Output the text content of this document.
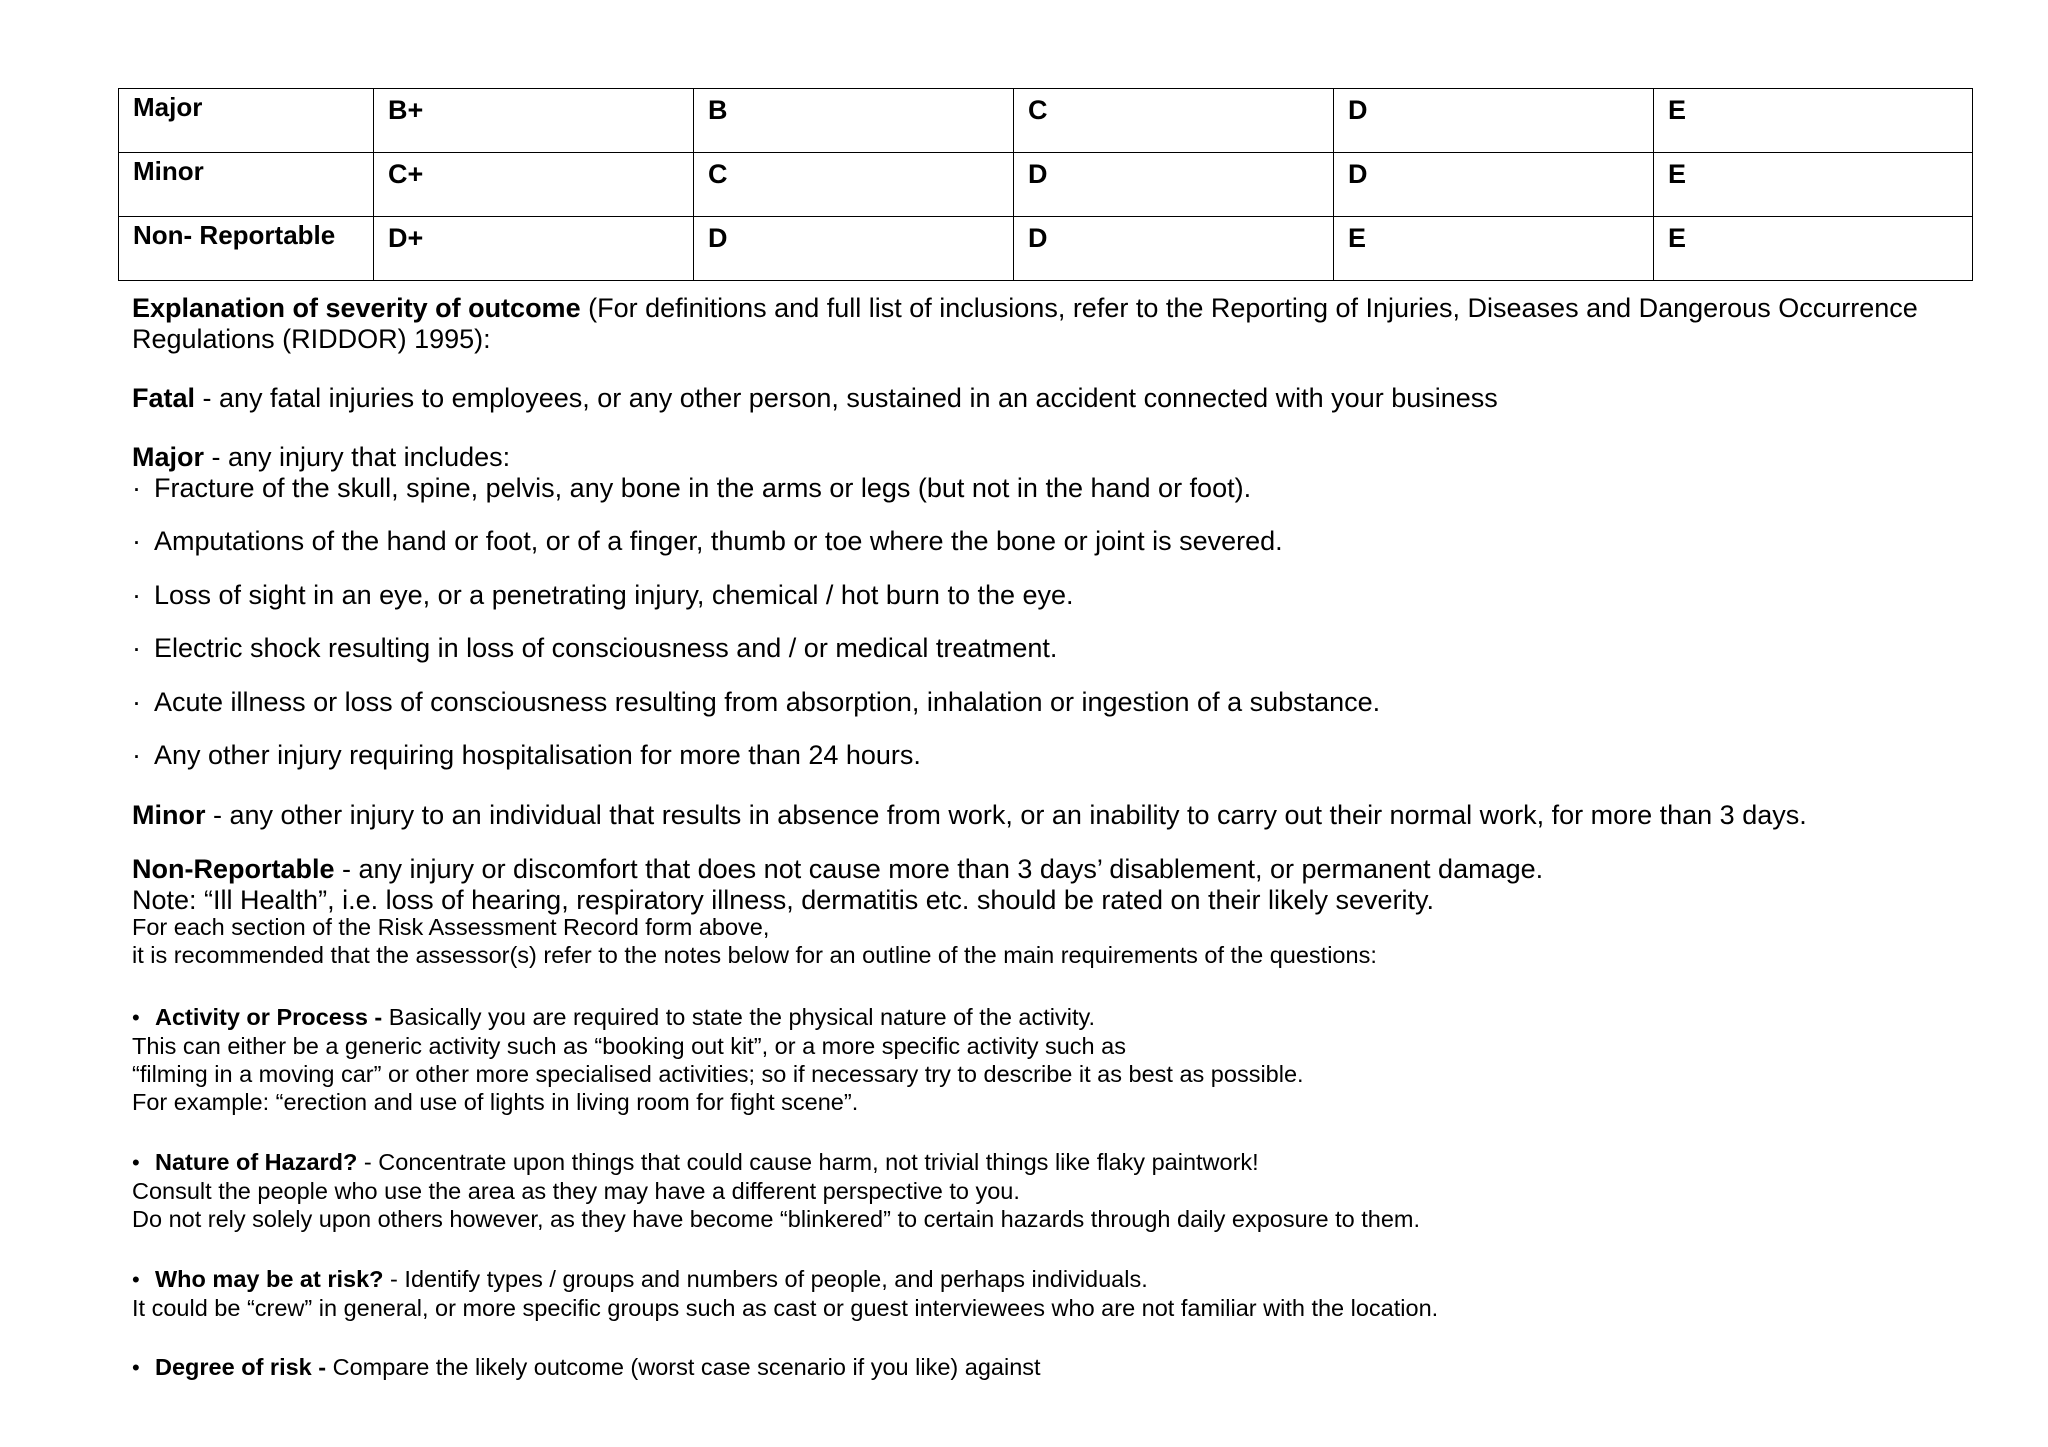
Major	B+	B	C	D	E
Minor	C+	C	D	D	E
Non- Reportable	D+	D	D	E	E
Explanation of severity of outcome (For definitions and full list of inclusions, refer to the Reporting of Injuries, Diseases and Dangerous Occurrence
Regulations (RIDDOR) 1995):
Fatal - any fatal injuries to employees, or any other person, sustained in an accident connected with your business
Major - any injury that includes:
· Fracture of the skull, spine, pelvis, any bone in the arms or legs (but not in the hand or foot).
· Amputations of the hand or foot, or of a finger, thumb or toe where the bone or joint is severed.
· Loss of sight in an eye, or a penetrating injury, chemical / hot burn to the eye.
· Electric shock resulting in loss of consciousness and / or medical treatment.
· Acute illness or loss of consciousness resulting from absorption, inhalation or ingestion of a substance.
· Any other injury requiring hospitalisation for more than 24 hours.
Minor - any other injury to an individual that results in absence from work, or an inability to carry out their normal work, for more than 3 days.
Non-Reportable - any injury or discomfort that does not cause more than 3 days’ disablement, or permanent damage.
Note: “Ill Health”, i.e. loss of hearing, respiratory illness, dermatitis etc. should be rated on their likely severity.
For each section of the Risk Assessment Record form above,
it is recommended that the assessor(s) refer to the notes below for an outline of the main requirements of the questions:
• Activity or Process - Basically you are required to state the physical nature of the activity.
This can either be a generic activity such as “booking out kit”, or a more specific activity such as
“filming in a moving car” or other more specialised activities; so if necessary try to describe it as best as possible.
For example: “erection and use of lights in living room for fight scene”.
• Nature of Hazard? - Concentrate upon things that could cause harm, not trivial things like flaky paintwork!
Consult the people who use the area as they may have a different perspective to you.
Do not rely solely upon others however, as they have become “blinkered” to certain hazards through daily exposure to them.
• Who may be at risk? - Identify types / groups and numbers of people, and perhaps individuals.
It could be “crew” in general, or more specific groups such as cast or guest interviewees who are not familiar with the location.
• Degree of risk - Compare the likely outcome (worst case scenario if you like) against
